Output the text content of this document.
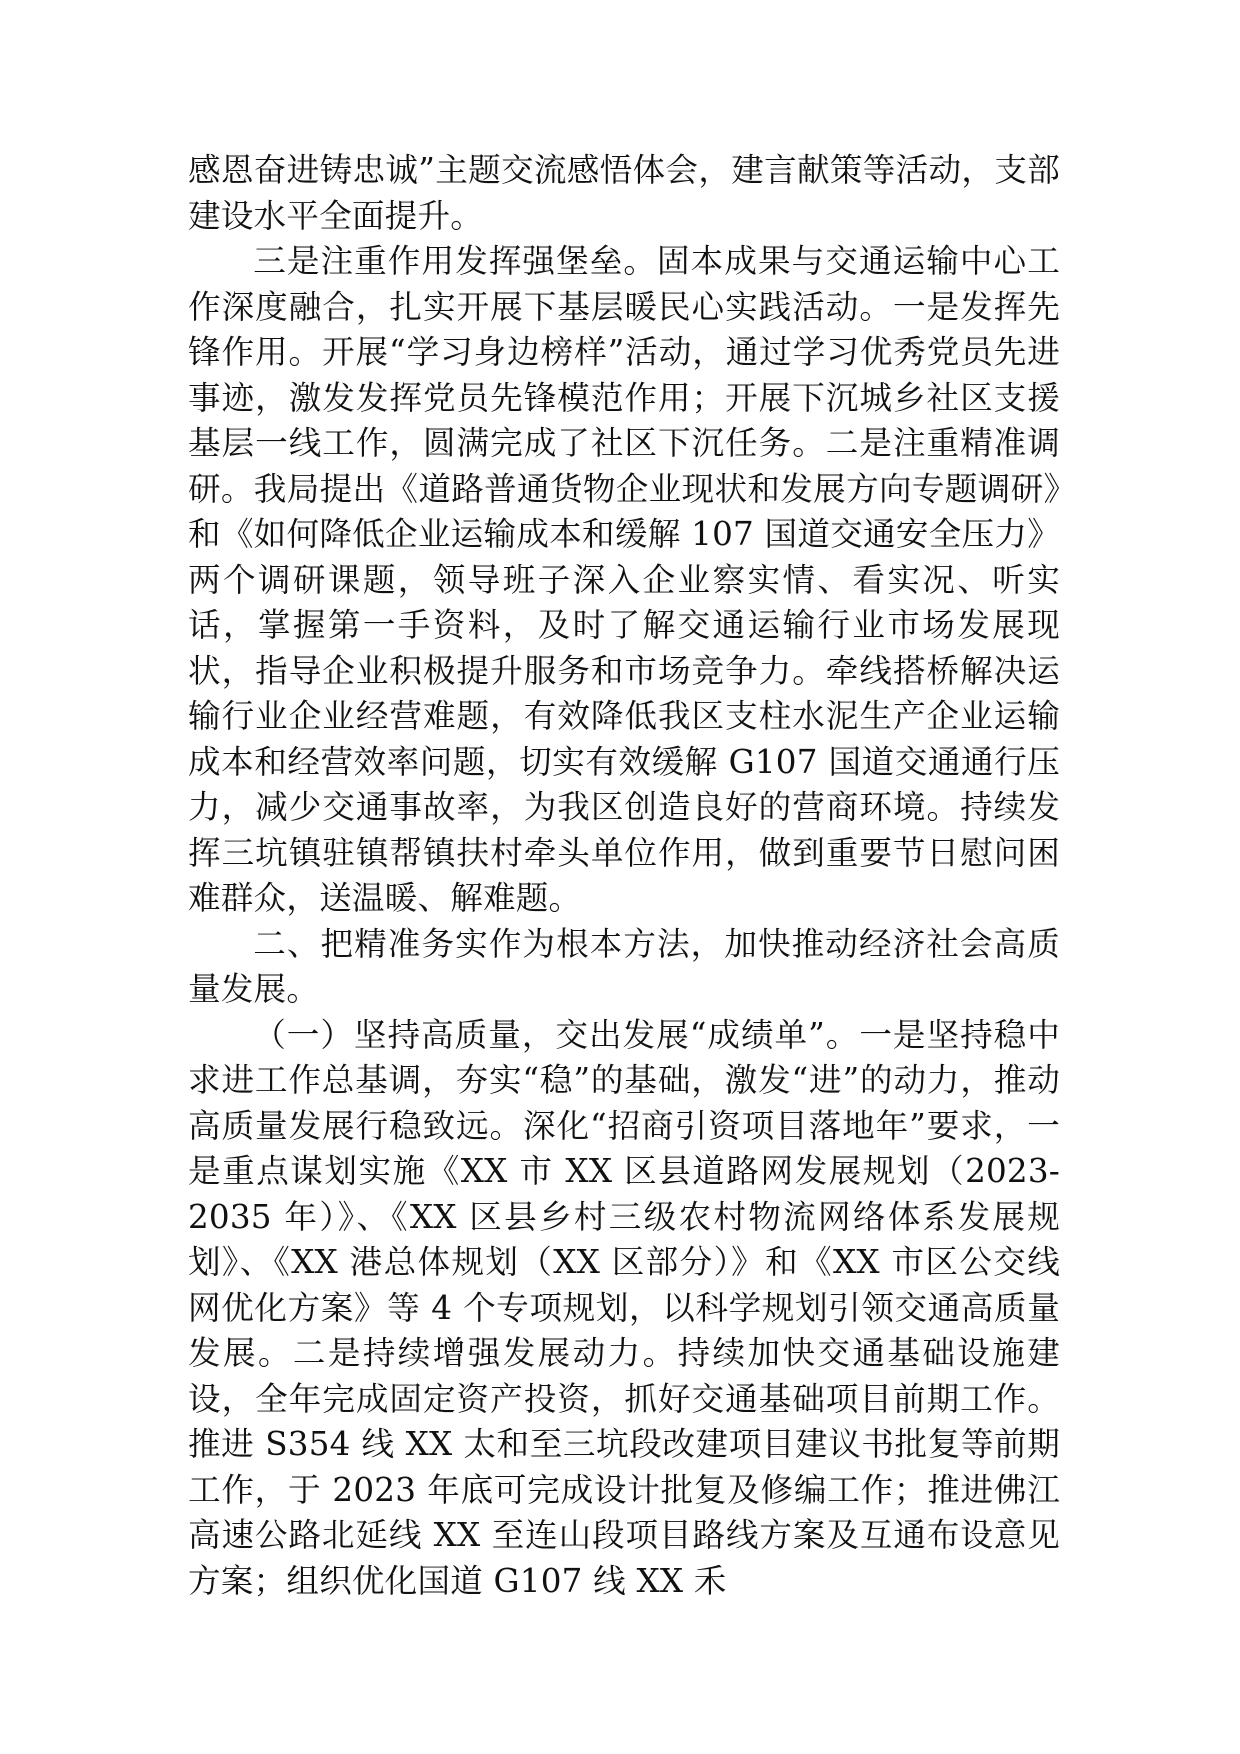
感恩奋进铸忠诚”主题交流感悟体会，建言献策等活动，支部建设水平全面提升。

三是注重作用发挥强堡垒。固本成果与交通运输中心工作深度融合，扎实开展下基层暖民心实践活动。一是发挥先锋作用。开展“学习身边榜样”活动，通过学习优秀党员先进事迹，激发发挥党员先锋模范作用；开展下沉城乡社区支援基层一线工作，圆满完成了社区下沉任务。二是注重精准调研。我局提出《道路普通货物企业现状和发展方向专题调研》和《如何降低企业运输成本和缓解 107 国道交通安全压力》两个调研课题，领导班子深入企业察实情、看实况、听实话，掌握第一手资料，及时了解交通运输行业市场发展现状，指导企业积极提升服务和市场竞争力。牵线搭桥解决运输行业企业经营难题，有效降低我区支柱水泥生产企业运输成本和经营效率问题，切实有效缓解 G107 国道交通通行压力，减少交通事故率，为我区创造良好的营商环境。持续发挥三坑镇驻镇帮镇扶村牵头单位作用，做到重要节日慰问困难群众，送温暖、解难题。

二、把精准务实作为根本方法，加快推动经济社会高质量发展。

（一）坚持高质量，交出发展“成绩单”。一是坚持稳中求进工作总基调，夯实“稳”的基础，激发“进”的动力，推动高质量发展行稳致远。深化“招商引资项目落地年”要求，一是重点谋划实施《XX 市 XX 区县道路网发展规划（2023-2035 年）》、《XX 区县乡村三级农村物流网络体系发展规划》、《XX 港总体规划（XX 区部分）》和《XX 市区公交线网优化方案》等 4 个专项规划，以科学规划引领交通高质量发展。二是持续增强发展动力。持续加快交通基础设施建设，全年完成固定资产投资，抓好交通基础项目前期工作。推进 S354 线 XX 太和至三坑段改建项目建议书批复等前期工作，于 2023 年底可完成设计批复及修编工作；推进佛江高速公路北延线 XX 至连山段项目路线方案及互通布设意见方案；组织优化国道 G107 线 XX 禾
